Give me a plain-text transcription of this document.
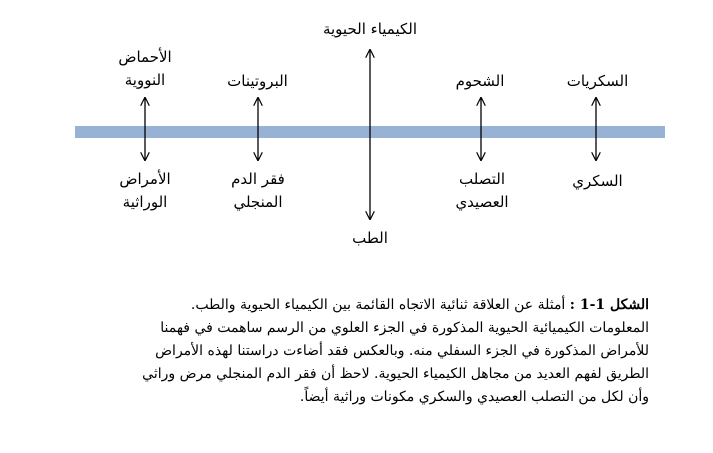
الكيمياء الحيوية
الأحماض
النووية	البروتينات	الشحوم	السكريات
الأمراض
الوراثية
فقر الدم
المنجلي
التصلب
العصيدي
السكري
الطب
الشكل 1-1 : أمثلة عن العلاقة ثنائية الاتجاه القائمة بين الكيمياء الحيوية والطب.
المعلومات الكيميائية الحيوية المذكورة في الجزء العلوي من الرسم ساهمت في فهمنا
للأمراض المذكورة في الجزء السفلي منه. وبالعكس فقد أضاءت دراستنا لهذه الأمراض
الطريق لفهم العديد من مجاهل الكيمياء الحيوية. لاحظ أن فقر الدم المنجلي مرض وراثي
وأن لكل من التصلب العصيدي والسكري مكونات وراثية أيضاً.
